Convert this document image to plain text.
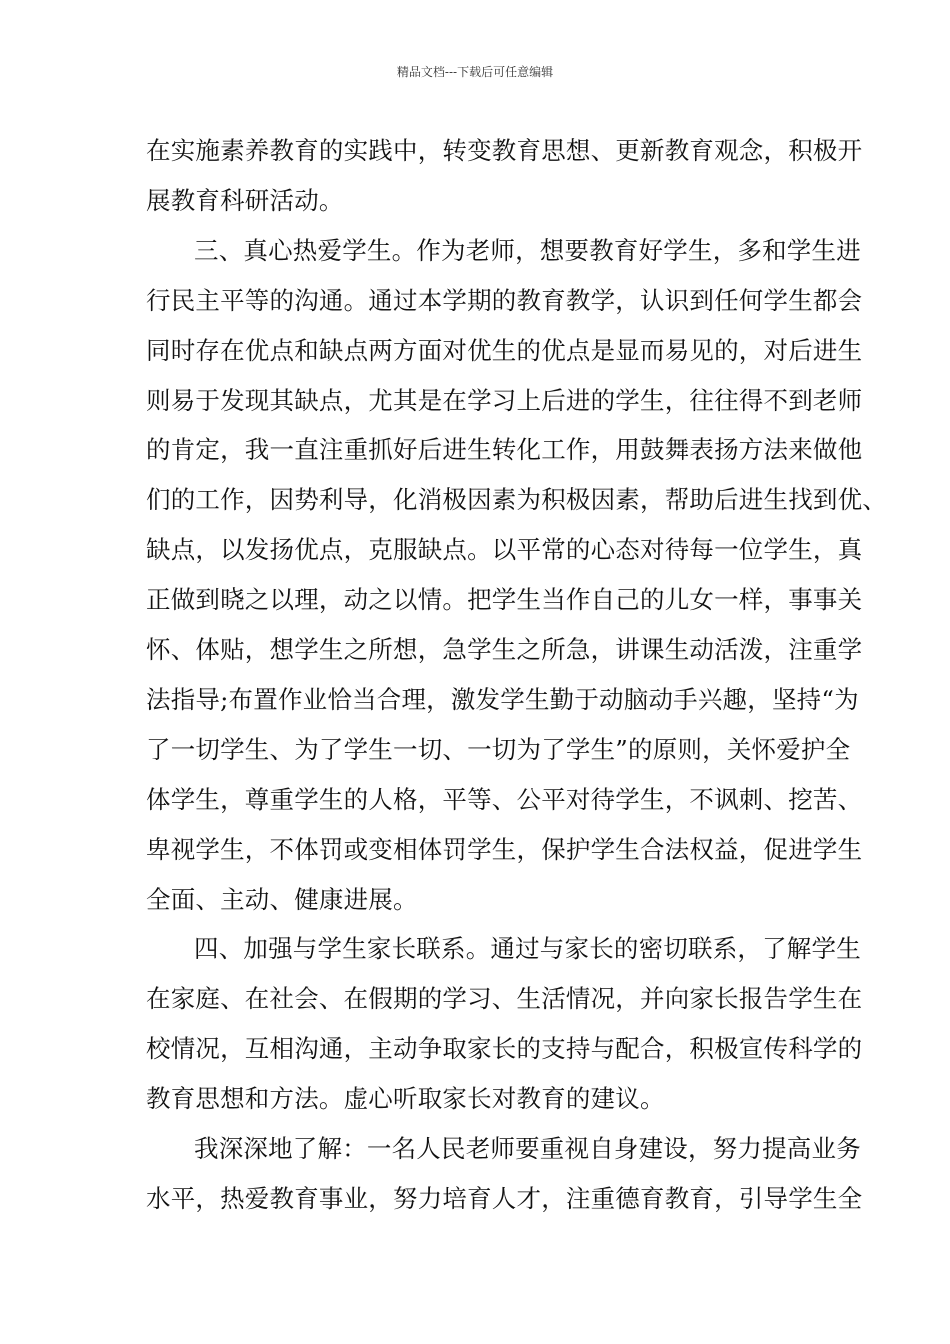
精品文档---下载后可任意编辑
在实施素养教育的实践中，转变教育思想、更新教育观念，积极开
展教育科研活动。
三、真心热爱学生。作为老师，想要教育好学生，多和学生进
行民主平等的沟通。通过本学期的教育教学，认识到任何学生都会
同时存在优点和缺点两方面对优生的优点是显而易见的，对后进生
则易于发现其缺点，尤其是在学习上后进的学生，往往得不到老师
的肯定，我一直注重抓好后进生转化工作，用鼓舞表扬方法来做他
们的工作，因势利导，化消极因素为积极因素，帮助后进生找到优、
缺点，以发扬优点，克服缺点。以平常的心态对待每一位学生，真
正做到晓之以理，动之以情。把学生当作自己的儿女一样，事事关
怀、体贴，想学生之所想，急学生之所急，讲课生动活泼，注重学
法指导;布置作业恰当合理，激发学生勤于动脑动手兴趣，坚持“为
了一切学生、为了学生一切、一切为了学生”的原则，关怀爱护全
体学生，尊重学生的人格，平等、公平对待学生，不讽刺、挖苦、
卑视学生，不体罚或变相体罚学生，保护学生合法权益，促进学生
全面、主动、健康进展。
四、加强与学生家长联系。通过与家长的密切联系，了解学生
在家庭、在社会、在假期的学习、生活情况，并向家长报告学生在
校情况，互相沟通，主动争取家长的支持与配合，积极宣传科学的
教育思想和方法。虚心听取家长对教育的建议。
我深深地了解：一名人民老师要重视自身建设，努力提高业务
水平，热爱教育事业，努力培育人才，注重德育教育，引导学生全
